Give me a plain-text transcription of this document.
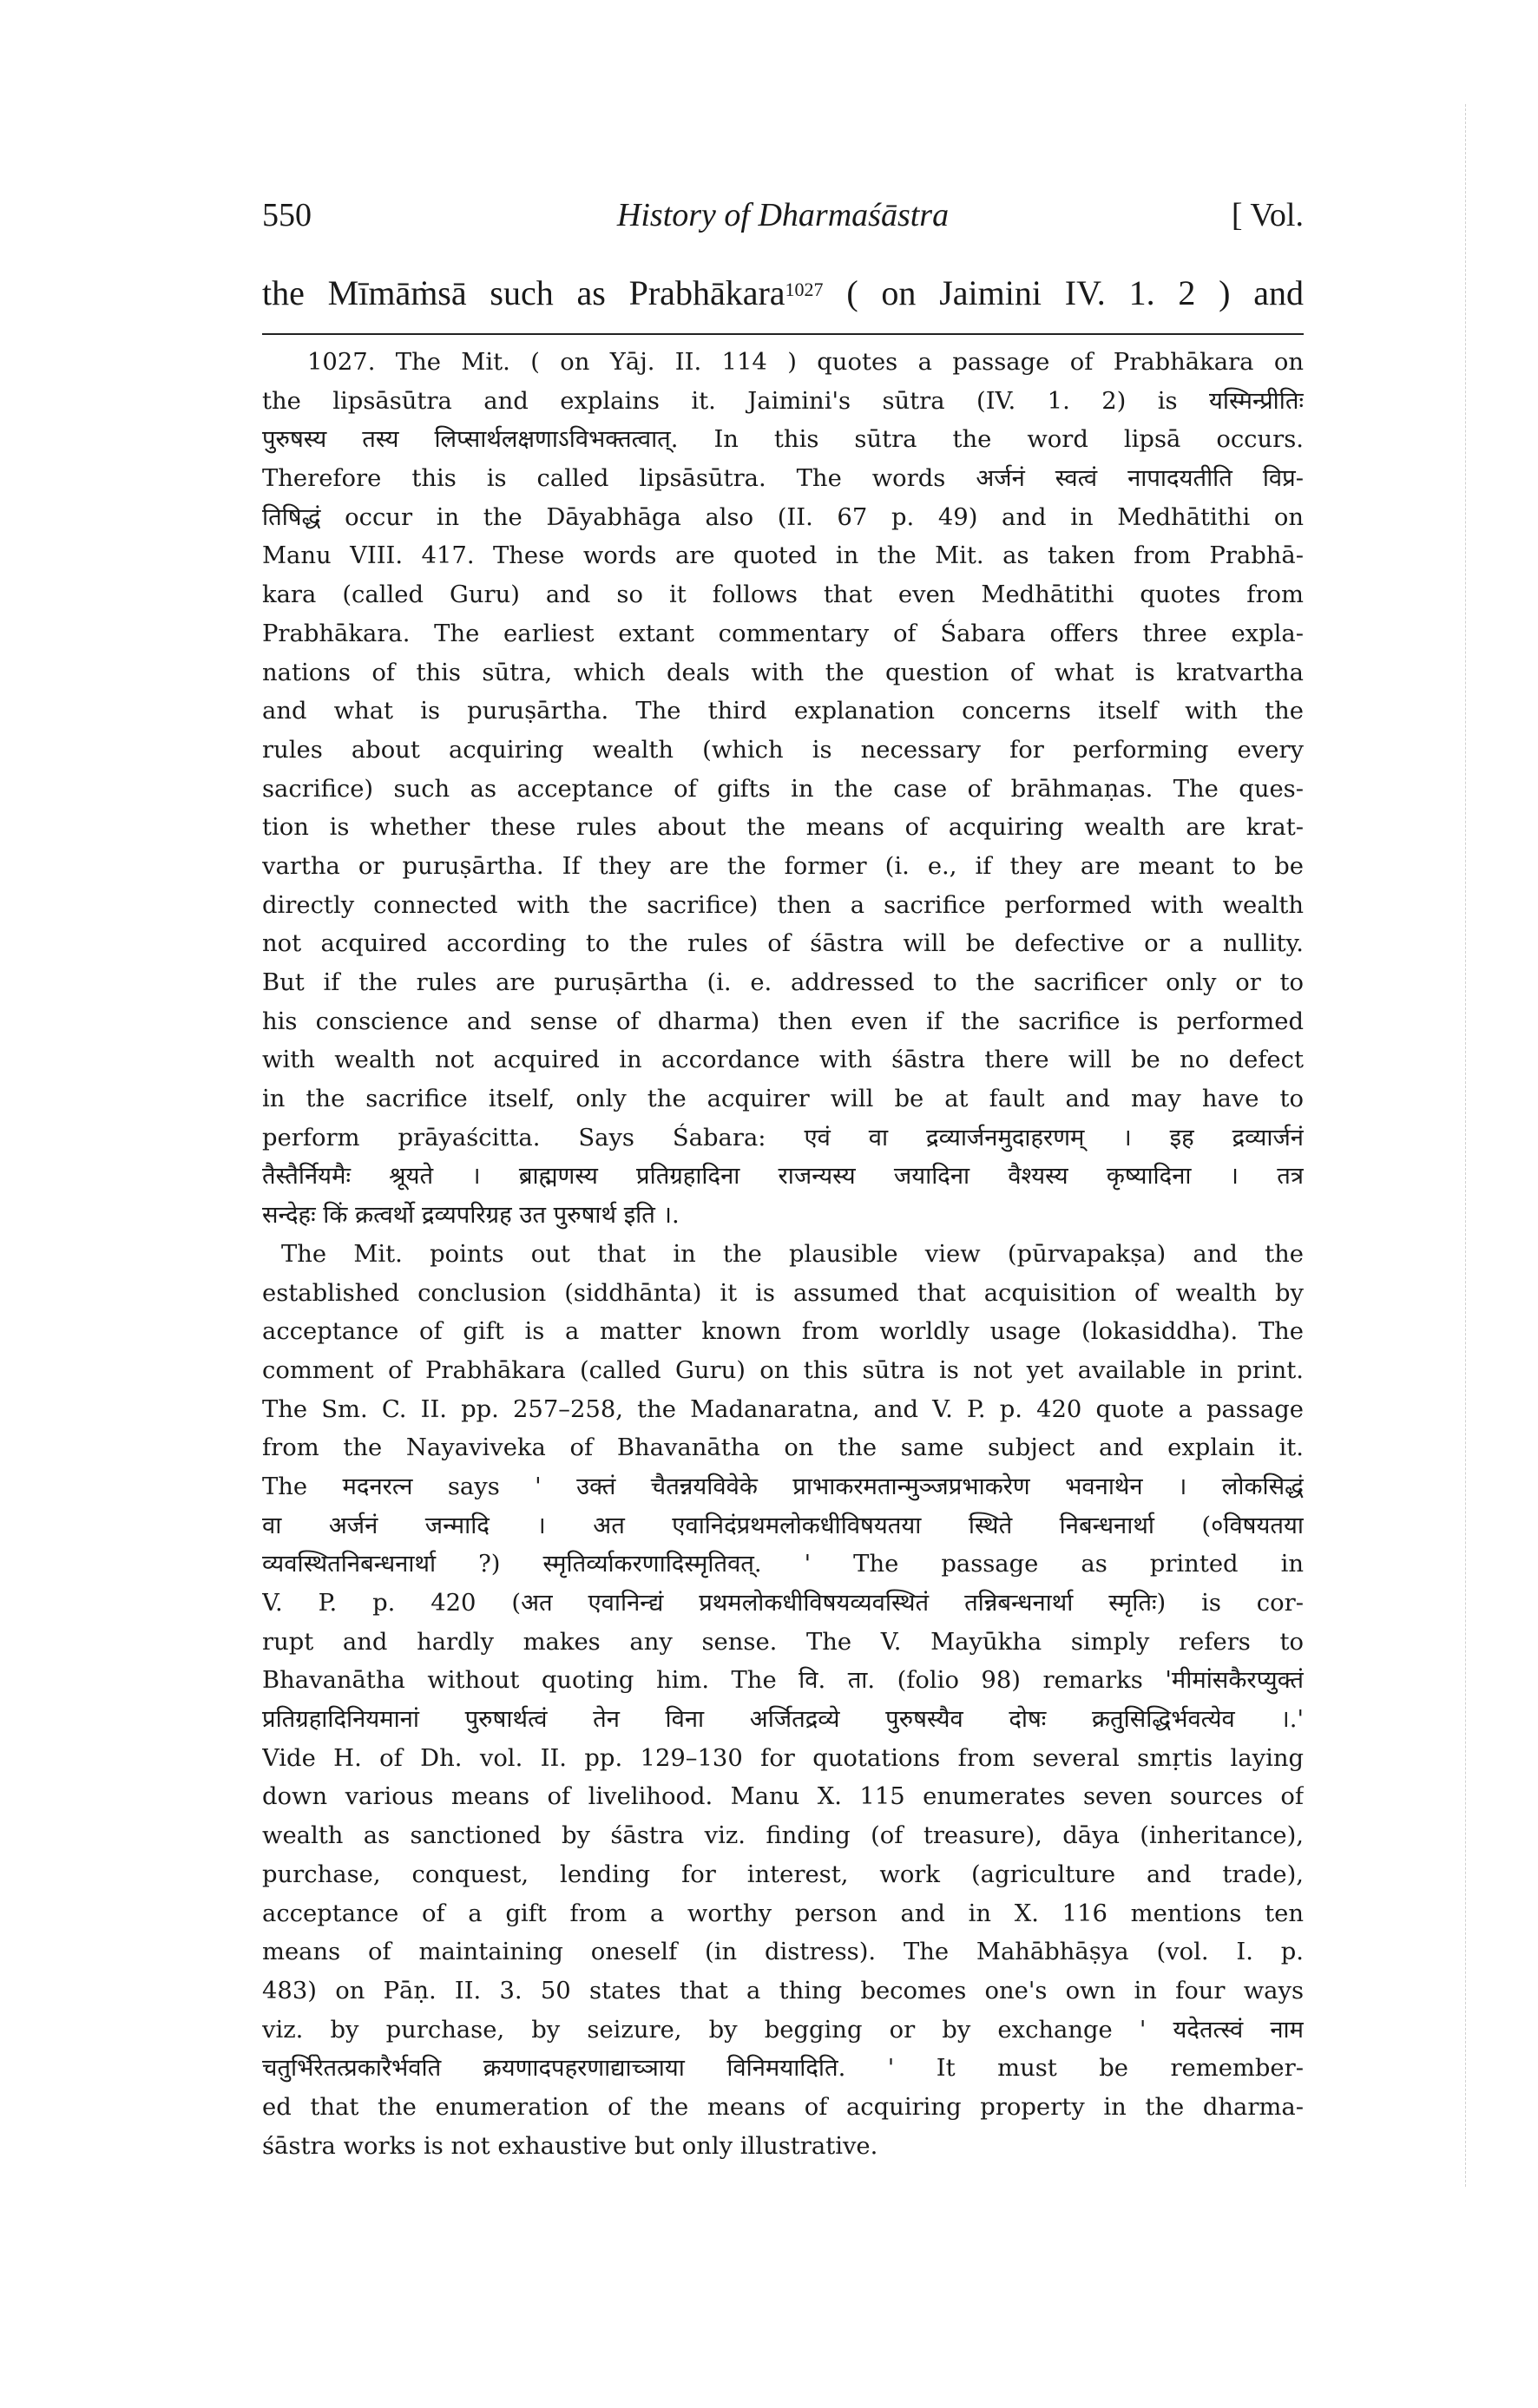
550	History of Dharmaśāstra	[ Vol.
the Mīmāṁsā such as Prabhākara$^{1027}$ ( on Jaimini IV. 1. 2 ) and
1027. The Mit. ( on Yāj. II. 114 ) quotes a passage of Prabhākara on
the lipsāsūtra and explains it. Jaimini's sūtra (IV. 1. 2) is यस्मिन्प्रीतिः
पुरुषस्य तस्य लिप्सार्थलक्षणाऽविभक्तत्वात्. In this sūtra the word lipsā occurs.
Therefore this is called lipsāsūtra. The words अर्जनं स्वत्वं नापादयतीति विप्र-
तिषिद्धं occur in the Dāyabhāga also (II. 67 p. 49) and in Medhātithi on
Manu VIII. 417. These words are quoted in the Mit. as taken from Prabhā-
kara (called Guru) and so it follows that even Medhātithi quotes from
Prabhākara. The earliest extant commentary of Śabara offers three expla-
nations of this sūtra, which deals with the question of what is kratvartha
and what is puruṣārtha. The third explanation concerns itself with the
rules about acquiring wealth (which is necessary for performing every
sacrifice) such as acceptance of gifts in the case of brāhmaṇas. The ques-
tion is whether these rules about the means of acquiring wealth are krat-
vartha or puruṣārtha. If they are the former (i. e., if they are meant to be
directly connected with the sacrifice) then a sacrifice performed with wealth
not acquired according to the rules of śāstra will be defective or a nullity.
But if the rules are puruṣārtha (i. e. addressed to the sacrificer only or to
his conscience and sense of dharma) then even if the sacrifice is performed
with wealth not acquired in accordance with śāstra there will be no defect
in the sacrifice itself, only the acquirer will be at fault and may have to
perform prāyaścitta. Says Śabara: एवं वा द्रव्यार्जनमुदाहरणम् । इह द्रव्यार्जनं
तैस्तैर्नियमैः श्रूयते । ब्राह्मणस्य प्रतिग्रहादिना राजन्यस्य जयादिना वैश्यस्य कृष्यादिना । तत्र
सन्देहः किं क्रत्वर्थो द्रव्यपरिग्रह उत पुरुषार्थ इति ।.
The Mit. points out that in the plausible view (pūrvapakṣa) and the
established conclusion (siddhānta) it is assumed that acquisition of wealth by
acceptance of gift is a matter known from worldly usage (lokasiddha). The
comment of Prabhākara (called Guru) on this sūtra is not yet available in print.
The Sm. C. II. pp. 257–258, the Madanaratna, and V. P. p. 420 quote a passage
from the Nayaviveka of Bhavanātha on the same subject and explain it.
The मदनरत्न says ' उक्तं चैतन्नयविवेके प्राभाकरमतान्मुञ्जप्रभाकरेण भवनाथेन । लोकसिद्धं
वा अर्जनं जन्मादि । अत एवानिदंप्रथमलोकधीविषयतया स्थिते निबन्धनार्था (०विषयतया
व्यवस्थितनिबन्धनार्था ?) स्मृतिर्व्याकरणादिस्मृतिवत्. ' The passage as printed in
V. P. p. 420 (अत एवानिन्द्यं प्रथमलोकधीविषयव्यवस्थितं तन्निबन्धनार्था स्मृतिः) is cor-
rupt and hardly makes any sense. The V. Mayūkha simply refers to
Bhavanātha without quoting him. The वि. ता. (folio 98) remarks 'मीमांसकैरप्युक्तं
प्रतिग्रहादिनियमानां पुरुषार्थत्वं तेन विना अर्जितद्रव्ये पुरुषस्यैव दोषः क्रतुसिद्धिर्भवत्येव ।.'
Vide H. of Dh. vol. II. pp. 129–130 for quotations from several smṛtis laying
down various means of livelihood. Manu X. 115 enumerates seven sources of
wealth as sanctioned by śāstra viz. finding (of treasure), dāya (inheritance),
purchase, conquest, lending for interest, work (agriculture and trade),
acceptance of a gift from a worthy person and in X. 116 mentions ten
means of maintaining oneself (in distress). The Mahābhāṣya (vol. I. p.
483) on Pāṇ. II. 3. 50 states that a thing becomes one's own in four ways
viz. by purchase, by seizure, by begging or by exchange ' यदेतत्स्वं नाम
चतुर्भिरेतत्प्रकारैर्भवति क्रयणादपहरणाद्याच्ञाया विनिमयादिति. ' It must be remember-
ed that the enumeration of the means of acquiring property in the dharma-
śāstra works is not exhaustive but only illustrative.
